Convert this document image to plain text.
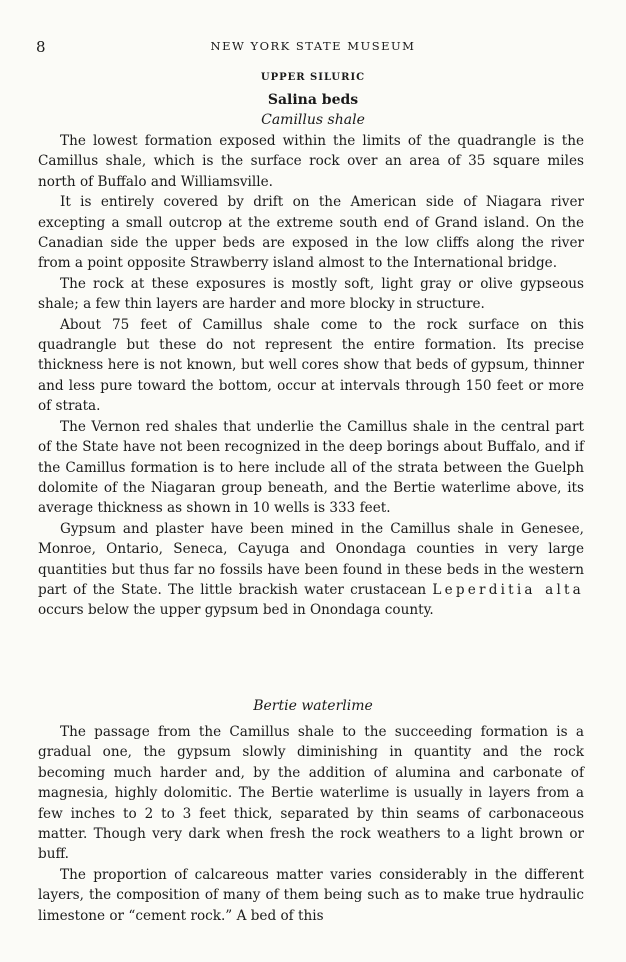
8	NEW YORK STATE MUSEUM
UPPER SILURIC
Salina beds
Camillus shale

The lowest formation exposed within the limits of the quadrangle is the Camillus shale, which is the surface rock over an area of 35 square miles north of Buffalo and Williamsville.

It is entirely covered by drift on the American side of Niagara river excepting a small outcrop at the extreme south end of Grand island. On the Canadian side the upper beds are exposed in the low cliffs along the river from a point opposite Strawberry island almost to the International bridge.

The rock at these exposures is mostly soft, light gray or olive gypseous shale; a few thin layers are harder and more blocky in structure.

About 75 feet of Camillus shale come to the rock surface on this quadrangle but these do not represent the entire formation. Its precise thickness here is not known, but well cores show that beds of gypsum, thinner and less pure toward the bottom, occur at intervals through 150 feet or more of strata.

The Vernon red shales that underlie the Camillus shale in the central part of the State have not been recognized in the deep borings about Buffalo, and if the Camillus formation is to here include all of the strata between the Guelph dolomite of the Niagaran group beneath, and the Bertie waterlime above, its average thickness as shown in 10 wells is 333 feet.

Gypsum and plaster have been mined in the Camillus shale in Genesee, Monroe, Ontario, Seneca, Cayuga and Onondaga counties in very large quantities but thus far no fossils have been found in these beds in the western part of the State. The little brackish water crustacean Leperditia alta occurs below the upper gypsum bed in Onondaga county.

Bertie waterlime

The passage from the Camillus shale to the succeeding formation is a gradual one, the gypsum slowly diminishing in quantity and the rock becoming much harder and, by the addition of alumina and carbonate of magnesia, highly dolomitic. The Bertie waterlime is usually in layers from a few inches to 2 to 3 feet thick, separated by thin seams of carbonaceous matter. Though very dark when fresh the rock weathers to a light brown or buff.

The proportion of calcareous matter varies considerably in the different layers, the composition of many of them being such as to make true hydraulic limestone or “cement rock.” A bed of this
